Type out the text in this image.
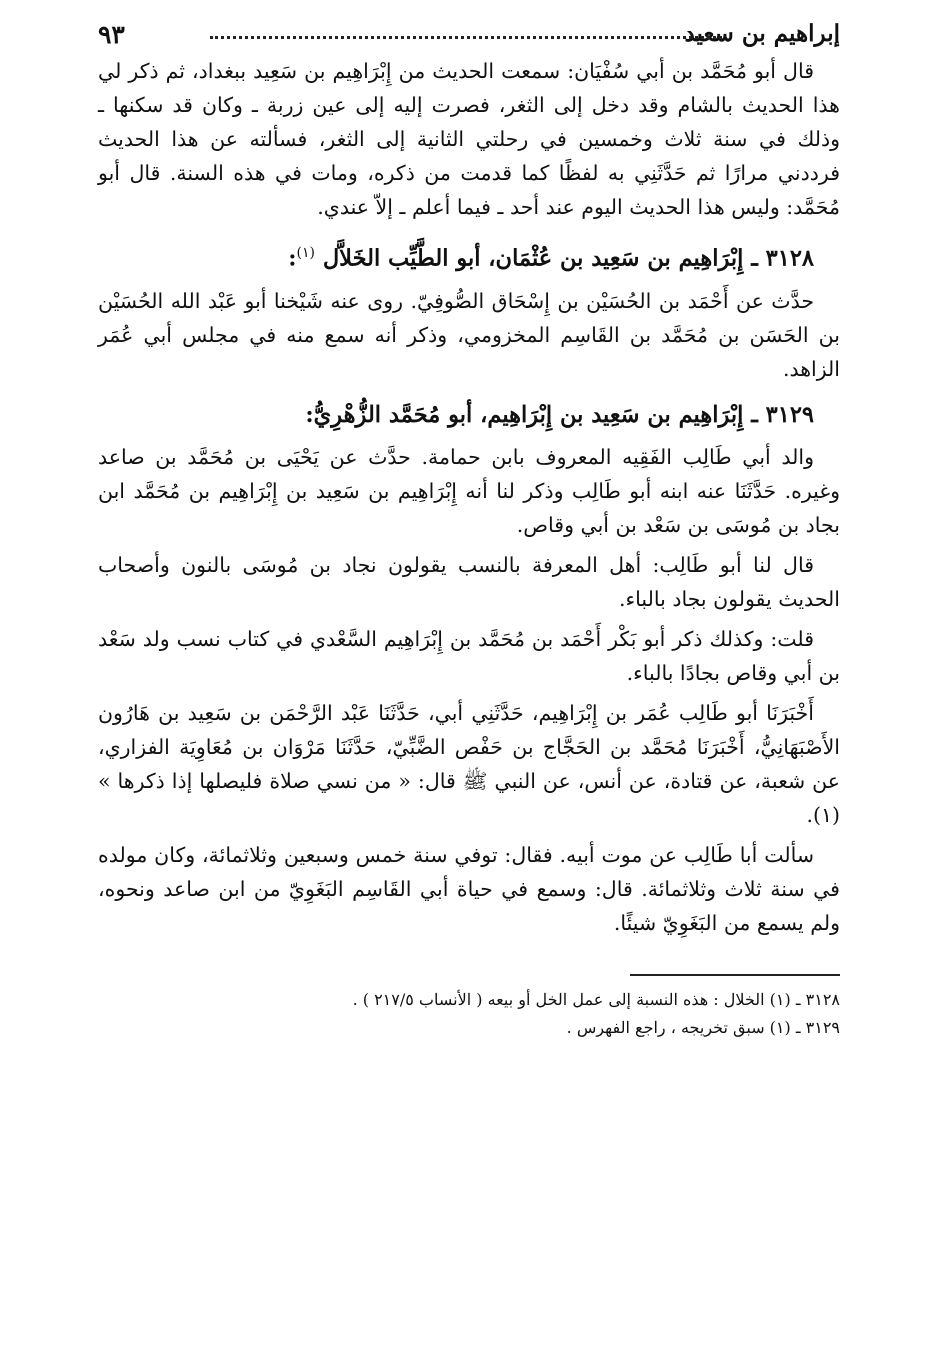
إبراهيم بن سعيد
٩٣

قال أبو مُحَمَّد بن أبي سُفْيَان: سمعت الحديث من إِبْرَاهِيم بن سَعِيد ببغداد، ثم ذكر لي هذا الحديث بالشام وقد دخل إلى الثغر، فصرت إليه إلى عين زربة ـ وكان قد سكنها ـ وذلك في سنة ثلاث وخمسين في رحلتي الثانية إلى الثغر، فسألته عن هذا الحديث فرددني مرارًا ثم حَدَّثَنِي به لفظًا كما قدمت من ذكره، ومات في هذه السنة. قال أبو مُحَمَّد: وليس هذا الحديث اليوم عند أحد ـ فيما أعلم ـ إلاّ عندي.

٣١٢٨ ـ إِبْرَاهِيم بن سَعِيد بن عُثْمَان، أبو الطَّيِّب الخَلاَّل $^{(١)}$:

حدَّث عن أَحْمَد بن الحُسَيْن بن إِسْحَاق الصُّوفِيّ. روى عنه شَيْخنا أبو عَبْد الله الحُسَيْن بن الحَسَن بن مُحَمَّد بن القَاسِم المخزومي، وذكر أنه سمع منه في مجلس أبي عُمَر الزاهد.

٣١٢٩ ـ إِبْرَاهِيم بن سَعِيد بن إِبْرَاهِيم، أبو مُحَمَّد الزُّهْرِيُّ:

والد أبي طَالِب الفَقِيه المعروف بابن حمامة. حدَّث عن يَحْيَى بن مُحَمَّد بن صاعد وغيره. حَدَّثَنَا عنه ابنه أبو طَالِب وذكر لنا أنه إِبْرَاهِيم بن سَعِيد بن إِبْرَاهِيم بن مُحَمَّد ابن بجاد بن مُوسَى بن سَعْد بن أبي وقاص.

قال لنا أبو طَالِب: أهل المعرفة بالنسب يقولون نجاد بن مُوسَى بالنون وأصحاب الحديث يقولون بجاد بالباء.

قلت: وكذلك ذكر أبو بَكْر أَحْمَد بن مُحَمَّد بن إِبْرَاهِيم السَّعْدي في كتاب نسب ولد سَعْد بن أبي وقاص بجادًا بالباء.

أَخْبَرَنَا أبو طَالِب عُمَر بن إِبْرَاهِيم، حَدَّثَنِي أبي، حَدَّثَنَا عَبْد الرَّحْمَن بن سَعِيد بن هَارُون الأَصْبَهَانِيُّ، أَخْبَرَنَا مُحَمَّد بن الحَجَّاج بن حَفْص الضَّبِّيّ، حَدَّثَنَا مَرْوَان بن مُعَاوِيَة الفزاري، عن شعبة، عن قتادة، عن أنس، عن النبي ﷺ قال: « من نسي صلاة فليصلها إذا ذكرها » (١).

سألت أبا طَالِب عن موت أبيه. فقال: توفي سنة خمس وسبعين وثلاثمائة، وكان مولده في سنة ثلاث وثلاثمائة. قال: وسمع في حياة أبي القَاسِم البَغَوِيّ من ابن صاعد ونحوه، ولم يسمع من البَغَوِيّ شيئًا.

٣١٢٨ ـ (١) الخلال : هذه النسبة إلى عمل الخل أو بيعه ( الأنساب ٢١٧/٥ ) .

٣١٢٩ ـ (١) سبق تخريجه ، راجع الفهرس .
